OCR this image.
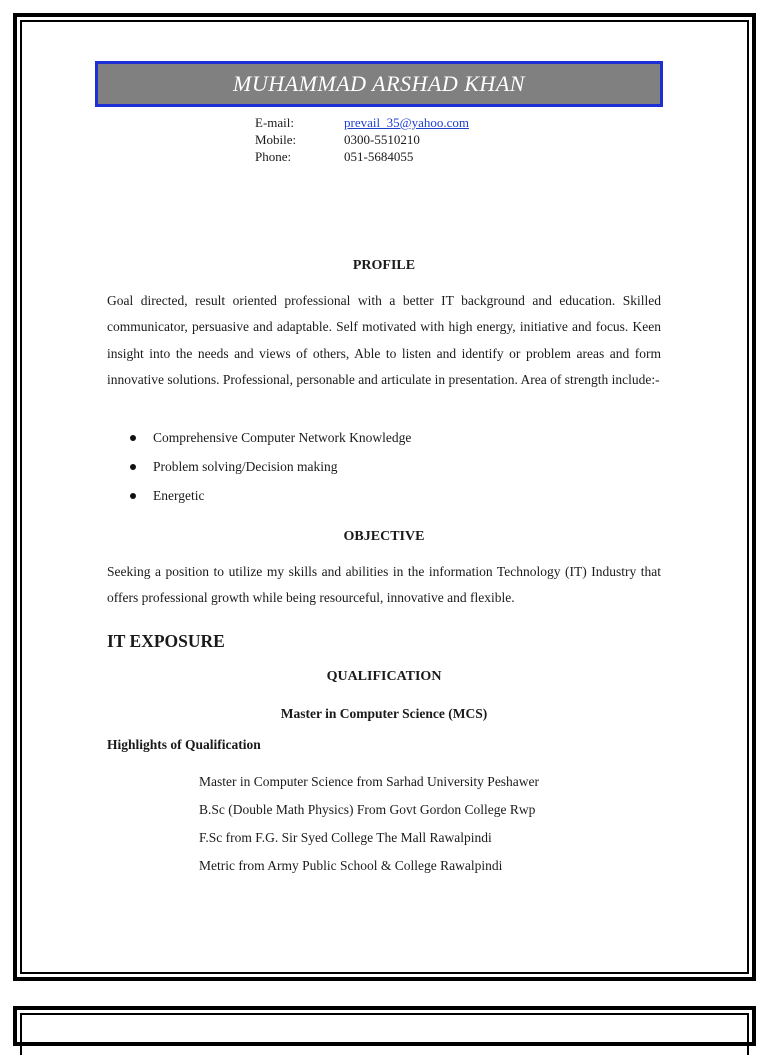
MUHAMMAD ARSHAD KHAN
E-mail:	prevail_35@yahoo.com
Mobile:	0300-5510210
Phone:	051-5684055
PROFILE

Goal directed, result oriented professional with a better IT background and education. Skilled communicator, persuasive and adaptable. Self motivated with high energy, initiative and focus. Keen insight into the needs and views of others, Able to listen and identify or problem areas and form innovative solutions. Professional, personable and articulate in presentation. Area of strength include:-

Comprehensive Computer Network Knowledge
Problem solving/Decision making
Energetic
OBJECTIVE

Seeking a position to utilize my skills and abilities in the information Technology (IT) Industry that offers professional growth while being resourceful, innovative and flexible.

IT EXPOSURE
QUALIFICATION
Master in Computer Science (MCS)
Highlights of Qualification
Master in Computer Science from Sarhad University Peshawer
B.Sc (Double Math Physics) From Govt Gordon College Rwp
F.Sc from F.G. Sir Syed College The Mall Rawalpindi
Metric from Army Public School & College Rawalpindi
